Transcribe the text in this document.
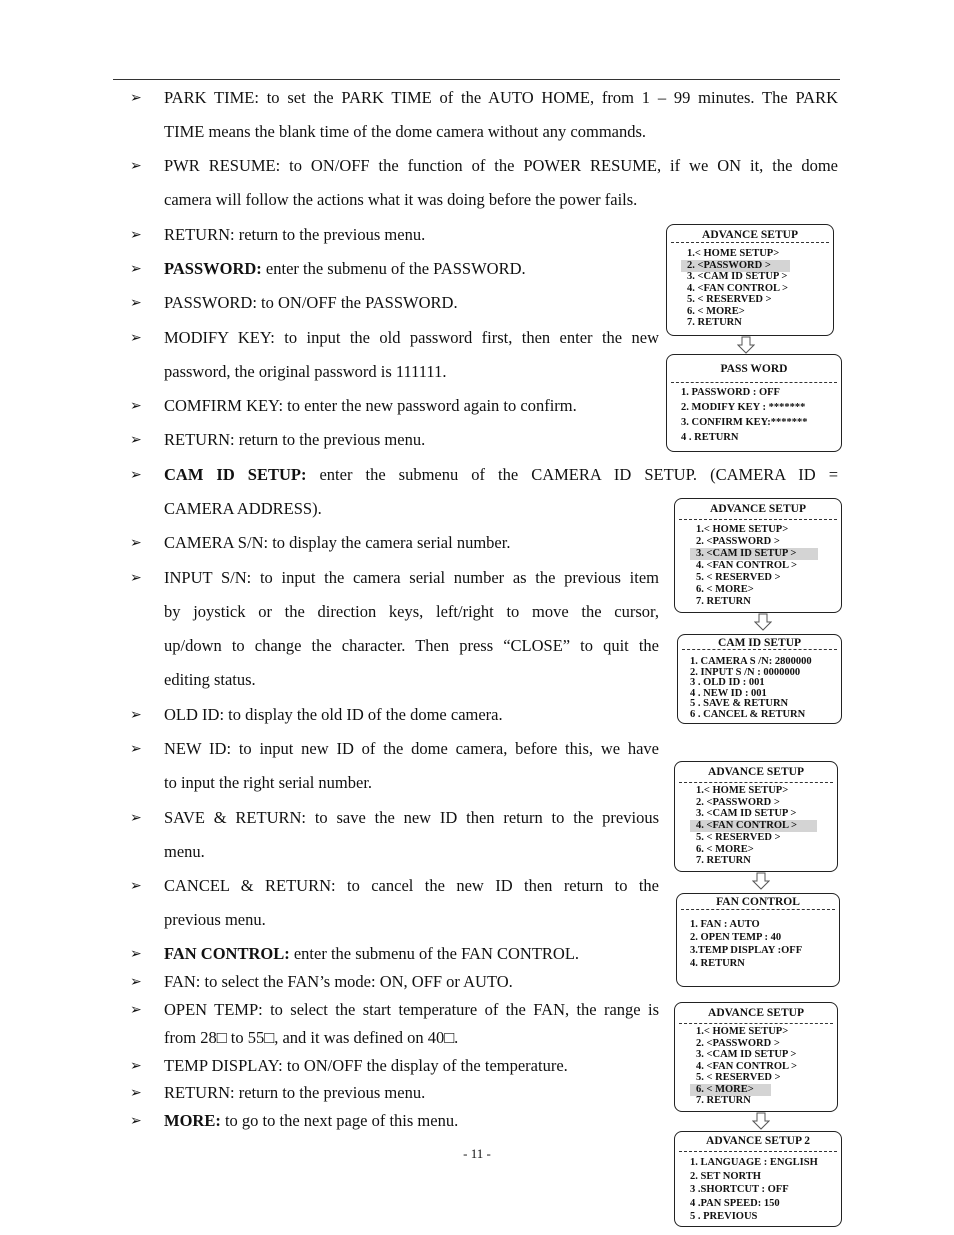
➢ PARK TIME: to set the PARK TIME of the AUTO HOME, from 1 – 99 minutes. The PARK
TIME means the blank time of the dome camera without any commands.
➢ PWR RESUME: to ON/OFF the function of the POWER RESUME, if we ON it, the dome
camera will follow the actions what it was doing before the power fails.
➢ RETURN: return to the previous menu.
➢ PASSWORD: enter the submenu of the PASSWORD.
➢ PASSWORD: to ON/OFF the PASSWORD.
➢ MODIFY KEY: to input the old password first, then enter the new
password, the original password is 111111.
➢ COMFIRM KEY: to enter the new password again to confirm.
➢ RETURN: return to the previous menu.
➢ CAM ID SETUP: enter the submenu of the CAMERA ID SETUP. (CAMERA ID =
CAMERA ADDRESS).
➢ CAMERA S/N: to display the camera serial number.
➢ INPUT S/N: to input the camera serial number as the previous item
by joystick or the direction keys, left/right to move the cursor,
up/down to change the character. Then press “CLOSE” to quit the
editing status.
➢ OLD ID: to display the old ID of the dome camera.
➢ NEW ID: to input new ID of the dome camera, before this, we have
to input the right serial number.
➢ SAVE & RETURN: to save the new ID then return to the previous
menu.
➢ CANCEL & RETURN: to cancel the new ID then return to the
previous menu.
➢ FAN CONTROL: enter the submenu of the FAN CONTROL.
➢ FAN: to select the FAN’s mode: ON, OFF or AUTO.
➢ OPEN TEMP: to select the start temperature of the FAN, the range is
from 28□ to 55□, and it was defined on 40□.
➢ TEMP DISPLAY: to ON/OFF the display of the temperature.
➢ RETURN: return to the previous menu.
➢ MORE: to go to the next page of this menu.
- 11 -
ADVANCE SETUP
1.< HOME SETUP>
2. <PASSWORD >
3. <CAM ID SETUP >
4. <FAN CONTROL >
5. < RESERVED >
6. < MORE>
7. RETURN
PASS WORD
1. PASSWORD : OFF
2. MODIFY KEY : *******
3. CONFIRM KEY:*******
4 . RETURN
ADVANCE SETUP
1.< HOME SETUP>
2. <PASSWORD >
3. <CAM ID SETUP >
4. <FAN CONTROL >
5. < RESERVED >
6. < MORE>
7. RETURN
CAM ID SETUP
1. CAMERA S /N: 2800000
2. INPUT S /N : 0000000
3 . OLD ID : 001
4 . NEW ID : 001
5 . SAVE & RETURN
6 . CANCEL & RETURN
ADVANCE SETUP
1.< HOME SETUP>
2. <PASSWORD >
3. <CAM ID SETUP >
4. <FAN CONTROL >
5. < RESERVED >
6. < MORE>
7. RETURN
FAN CONTROL
1. FAN : AUTO
2. OPEN TEMP : 40
3.TEMP DISPLAY :OFF
4. RETURN
ADVANCE SETUP
1.< HOME SETUP>
2. <PASSWORD >
3. <CAM ID SETUP >
4. <FAN CONTROL >
5. < RESERVED >
6. < MORE>
7. RETURN
ADVANCE SETUP 2
1. LANGUAGE : ENGLISH
2. SET NORTH
3 .SHORTCUT : OFF
4 .PAN SPEED: 150
5 . PREVIOUS
